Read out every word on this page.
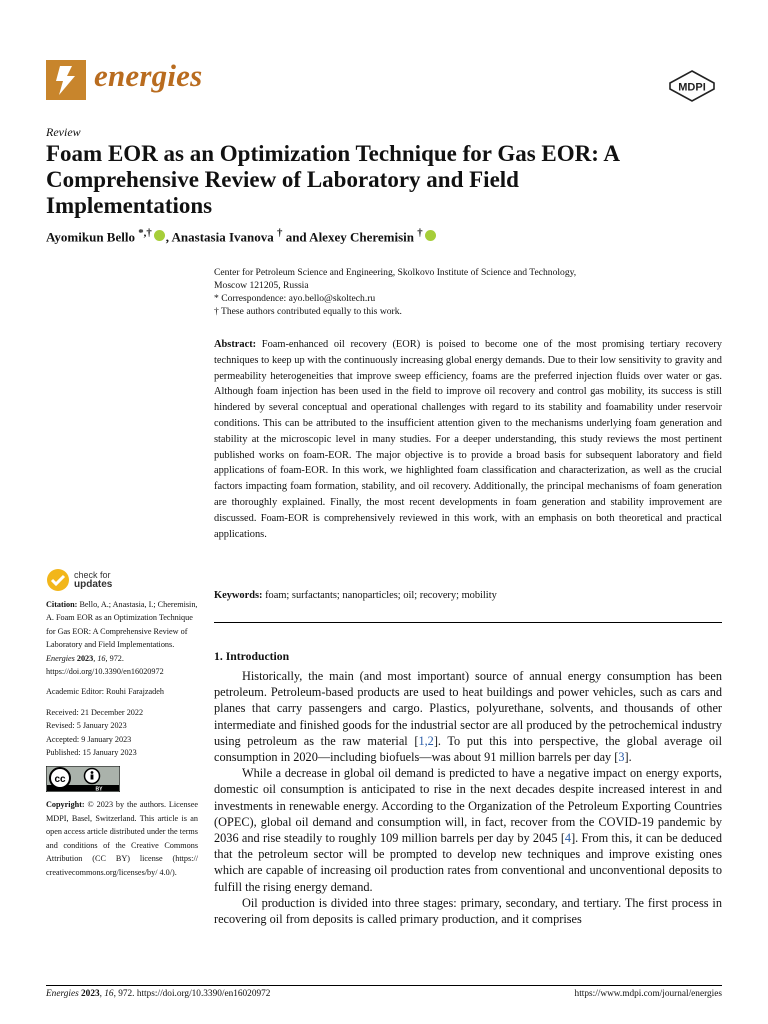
energies	MDPI
Review
Foam EOR as an Optimization Technique for Gas EOR: A Comprehensive Review of Laboratory and Field Implementations
Ayomikun Bello *,† , Anastasia Ivanova † and Alexey Cheremisin †
Center for Petroleum Science and Engineering, Skolkovo Institute of Science and Technology,
Moscow 121205, Russia
* Correspondence: ayo.bello@skoltech.ru
† These authors contributed equally to this work.
Abstract: Foam-enhanced oil recovery (EOR) is poised to become one of the most promising tertiary recovery techniques to keep up with the continuously increasing global energy demands. Due to their low sensitivity to gravity and permeability heterogeneities that improve sweep efficiency, foams are the preferred injection fluids over water or gas. Although foam injection has been used in the field to improve oil recovery and control gas mobility, its success is still hindered by several conceptual and operational challenges with regard to its stability and foamability under reservoir conditions. This can be attributed to the insufficient attention given to the mechanisms underlying foam generation and stability at the microscopic level in many studies. For a deeper understanding, this study reviews the most pertinent published works on foam-EOR. The major objective is to provide a broad basis for subsequent laboratory and field applications of foam-EOR. In this work, we highlighted foam classification and characterization, as well as the crucial factors impacting foam formation, stability, and oil recovery. Additionally, the principal mechanisms of foam generation are thoroughly explained. Finally, the most recent developments in foam generation and stability improvement are discussed. Foam-EOR is comprehensively reviewed in this work, with an emphasis on both theoretical and practical applications.
Keywords: foam; surfactants; nanoparticles; oil; recovery; mobility
1. Introduction

Historically, the main (and most important) source of annual energy consumption has been petroleum. Petroleum-based products are used to heat buildings and power vehicles, such as cars and planes that carry passengers and cargo. Plastics, polyurethane, solvents, and thousands of other intermediate and finished goods for the industrial sector are all produced by the petrochemical industry using petroleum as the raw material [1,2]. To put this into perspective, the global average oil consumption in 2020—including biofuels—was about 91 million barrels per day [3].

While a decrease in global oil demand is predicted to have a negative impact on energy exports, domestic oil consumption is anticipated to rise in the next decades despite increased interest in and investments in renewable energy. According to the Organization of the Petroleum Exporting Countries (OPEC), global oil demand and consumption will, in fact, recover from the COVID-19 pandemic by 2036 and rise steadily to roughly 109 million barrels per day by 2045 [4]. From this, it can be deduced that the petroleum sector will be prompted to develop new techniques and improve existing ones which are capable of increasing oil production rates from conventional and unconventional deposits to fulfill the rising energy demand.

Oil production is divided into three stages: primary, secondary, and tertiary. The first process in recovering oil from deposits is called primary production, and it comprises

check for
updates
Citation: Bello, A.; Anastasia, I.; Cheremisin, A. Foam EOR as an Optimization Technique for Gas EOR: A Comprehensive Review of Laboratory and Field Implementations. Energies 2023, 16, 972. https://doi.org/10.3390/en16020972
Academic Editor: Rouhi Farajzadeh
Received: 21 December 2022
Revised: 5 January 2023
Accepted: 9 January 2023
Published: 15 January 2023
cc
BY
Copyright: © 2023 by the authors. Licensee MDPI, Basel, Switzerland. This article is an open access article distributed under the terms and conditions of the Creative Commons Attribution (CC BY) license (https:// creativecommons.org/licenses/by/ 4.0/).
Energies 2023, 16, 972. https://doi.org/10.3390/en16020972	https://www.mdpi.com/journal/energies
